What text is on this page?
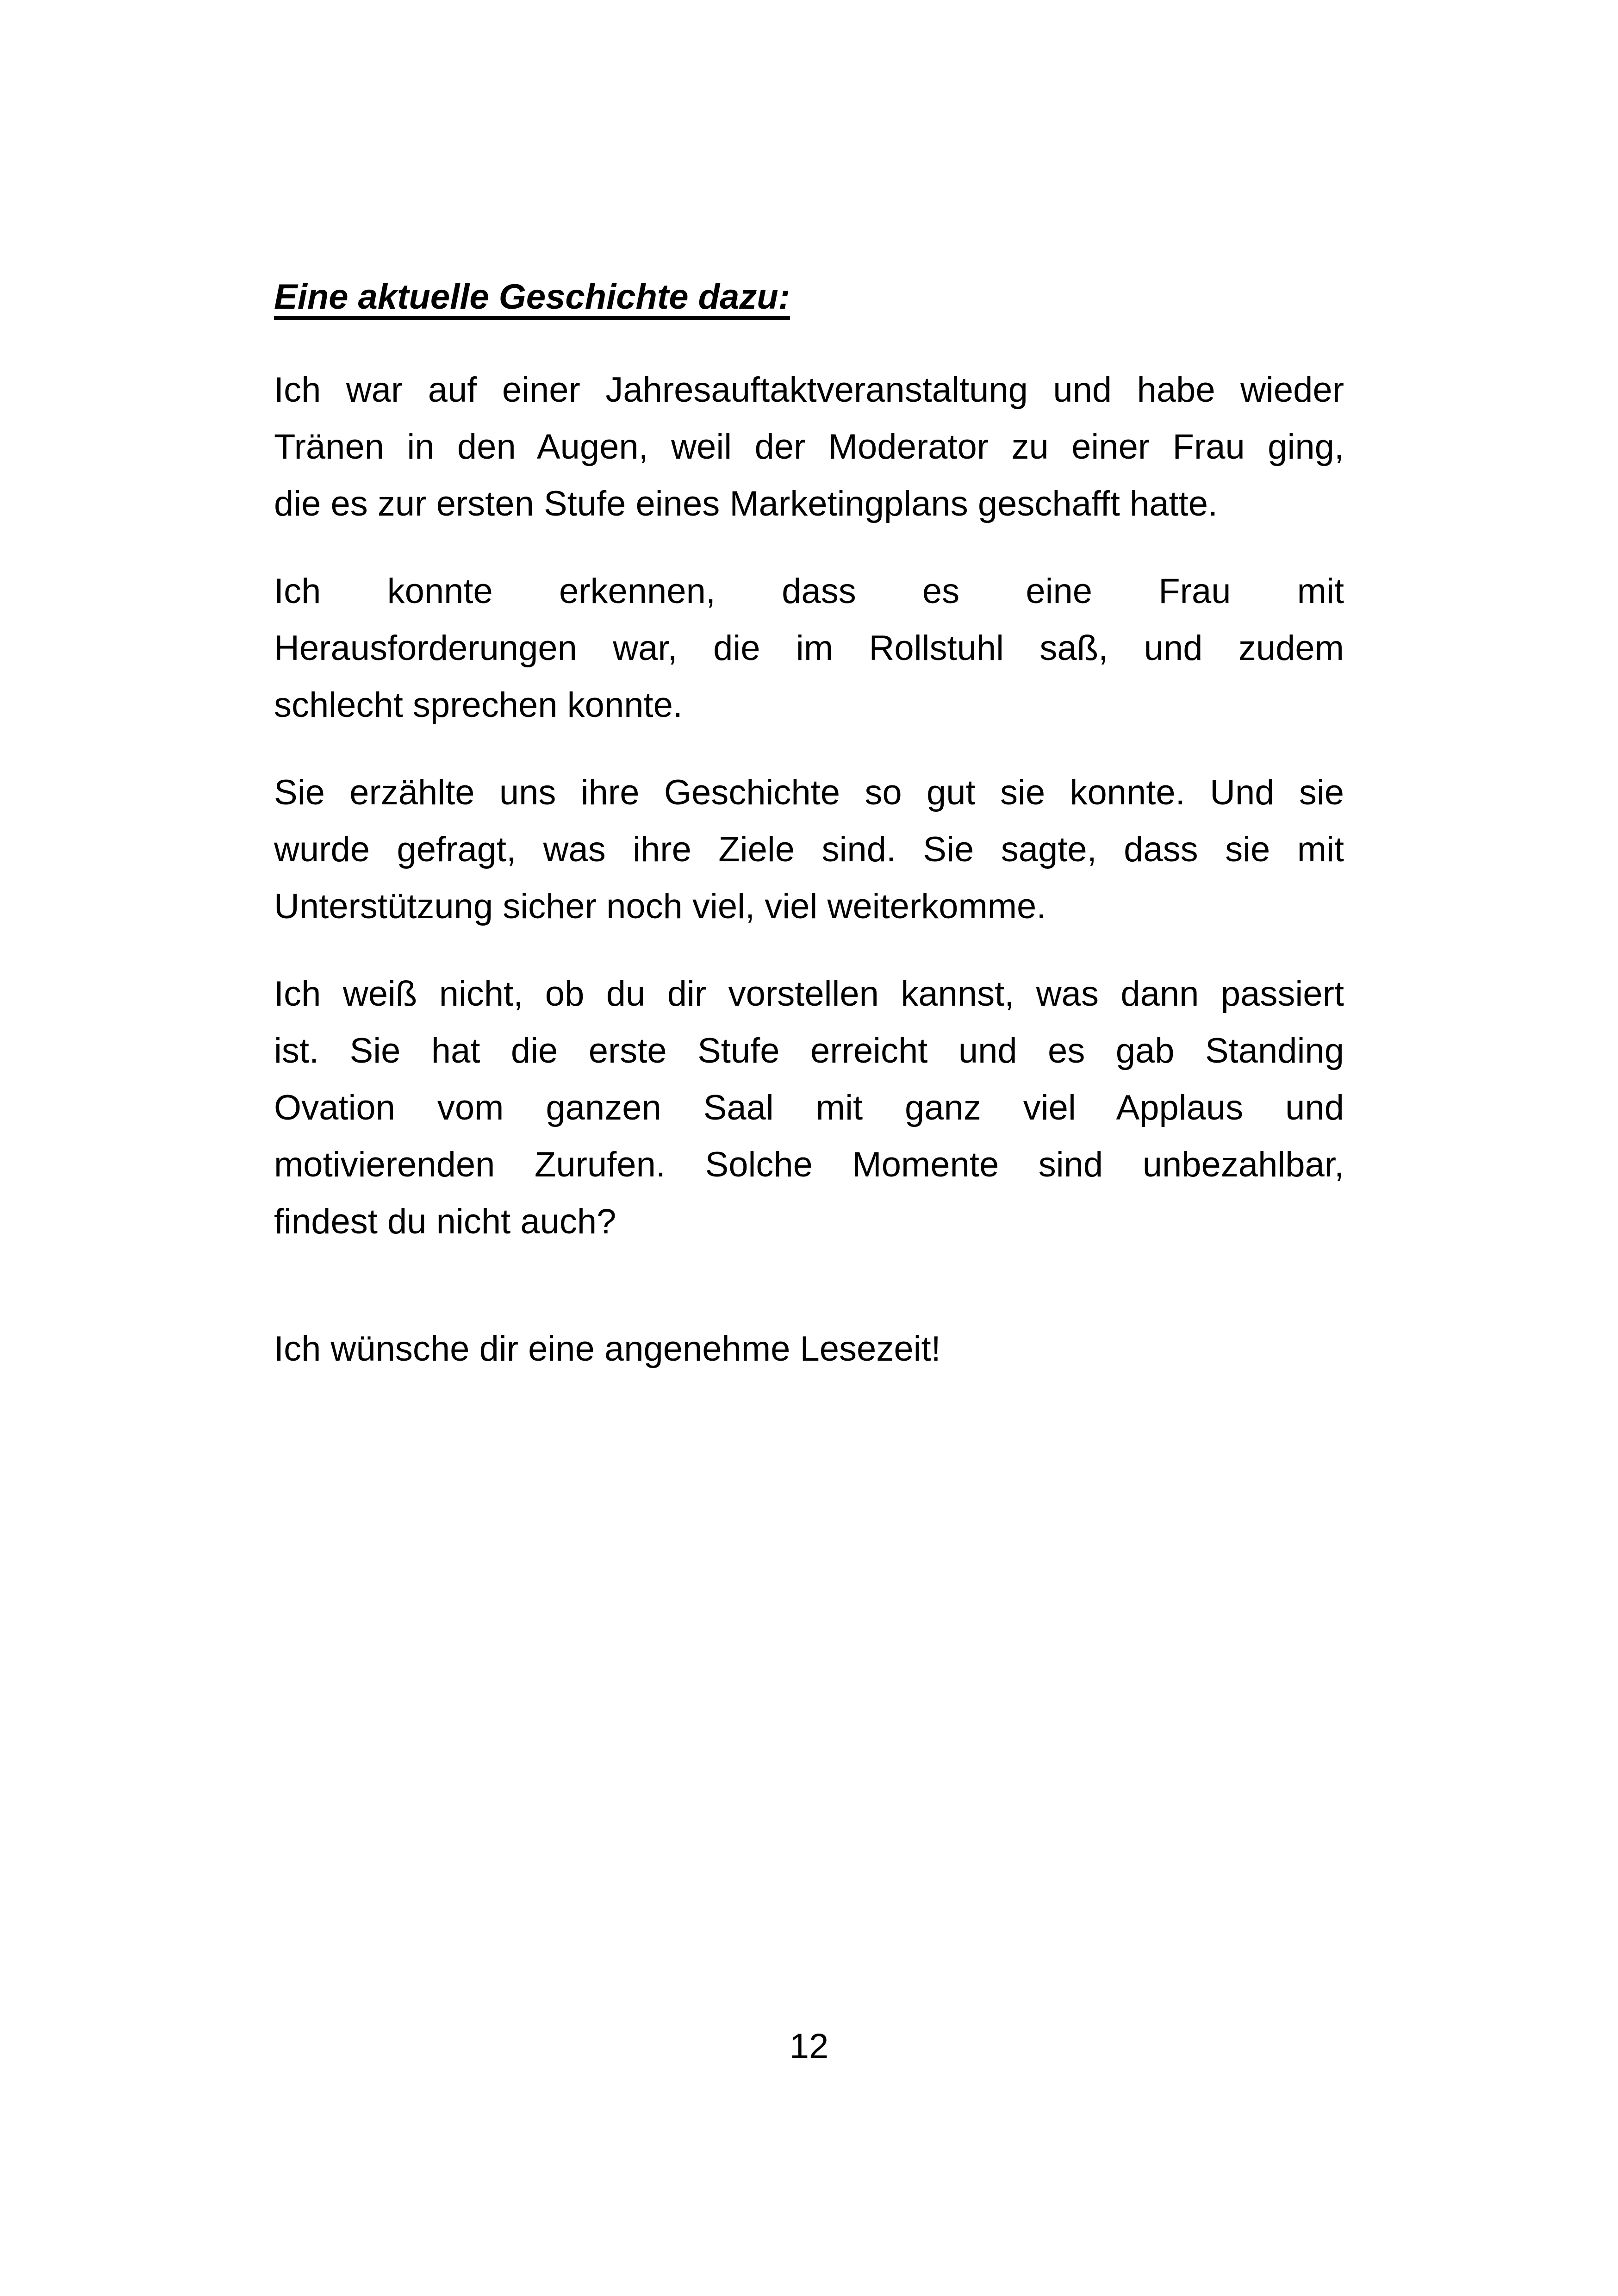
Eine aktuelle Geschichte dazu:
Ich war auf einer Jahresauftaktveranstaltung und habe wieder
Tränen in den Augen, weil der Moderator zu einer Frau ging,
die es zur ersten Stufe eines Marketingplans geschafft hatte.
Ich konnte erkennen, dass es eine Frau mit
Herausforderungen war, die im Rollstuhl saß, und zudem
schlecht sprechen konnte.
Sie erzählte uns ihre Geschichte so gut sie konnte. Und sie
wurde gefragt, was ihre Ziele sind. Sie sagte, dass sie mit
Unterstützung sicher noch viel, viel weiterkomme.
Ich weiß nicht, ob du dir vorstellen kannst, was dann passiert
ist. Sie hat die erste Stufe erreicht und es gab Standing
Ovation vom ganzen Saal mit ganz viel Applaus und
motivierenden Zurufen. Solche Momente sind unbezahlbar,
findest du nicht auch?
Ich wünsche dir eine angenehme Lesezeit!
12
